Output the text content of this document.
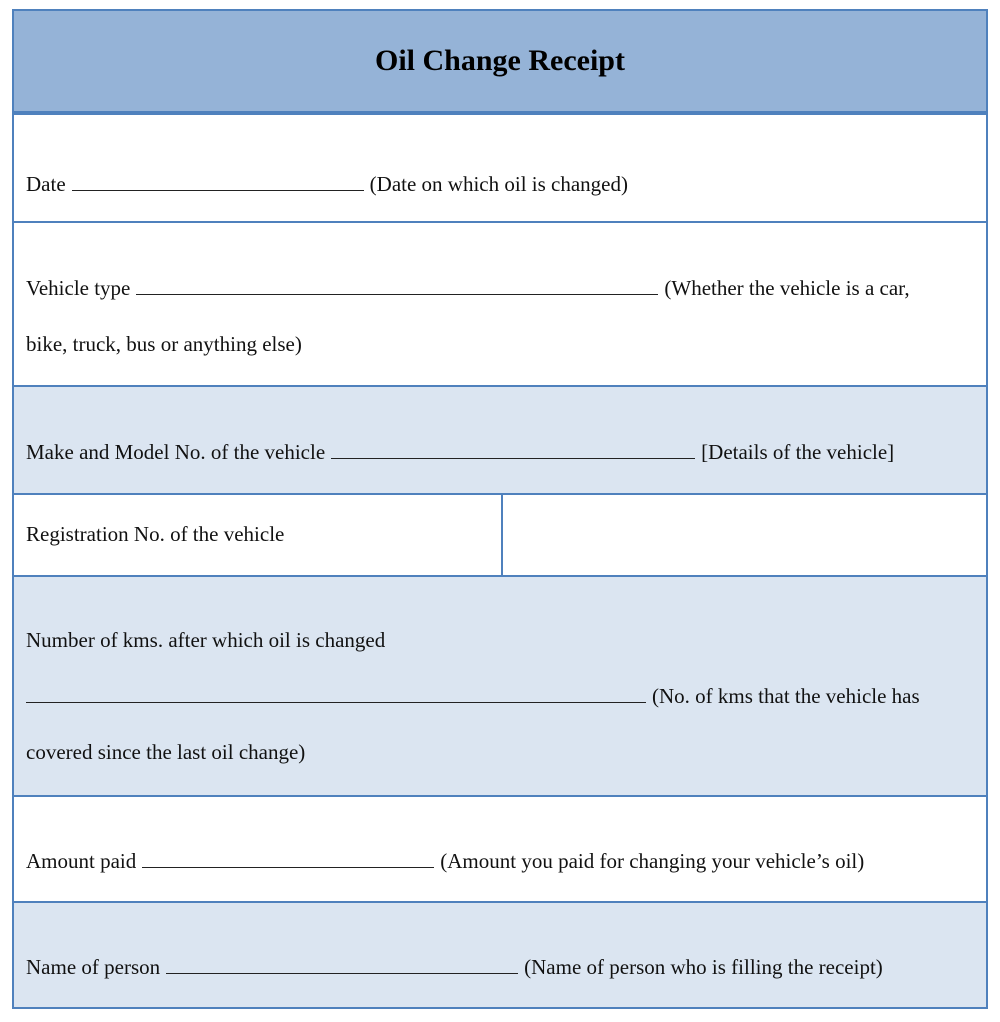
Oil Change Receipt
Date	(Date on which oil is changed)
Vehicle type	(Whether the vehicle is a car,
bike, truck, bus or anything else)
Make and Model No. of the vehicle	[Details of the vehicle]
Registration No. of the vehicle
Number of kms. after which oil is changed
(No. of kms that the vehicle has
covered since the last oil change)
Amount paid	(Amount you paid for changing your vehicle’s oil)
Name of person	(Name of person who is filling the receipt)
